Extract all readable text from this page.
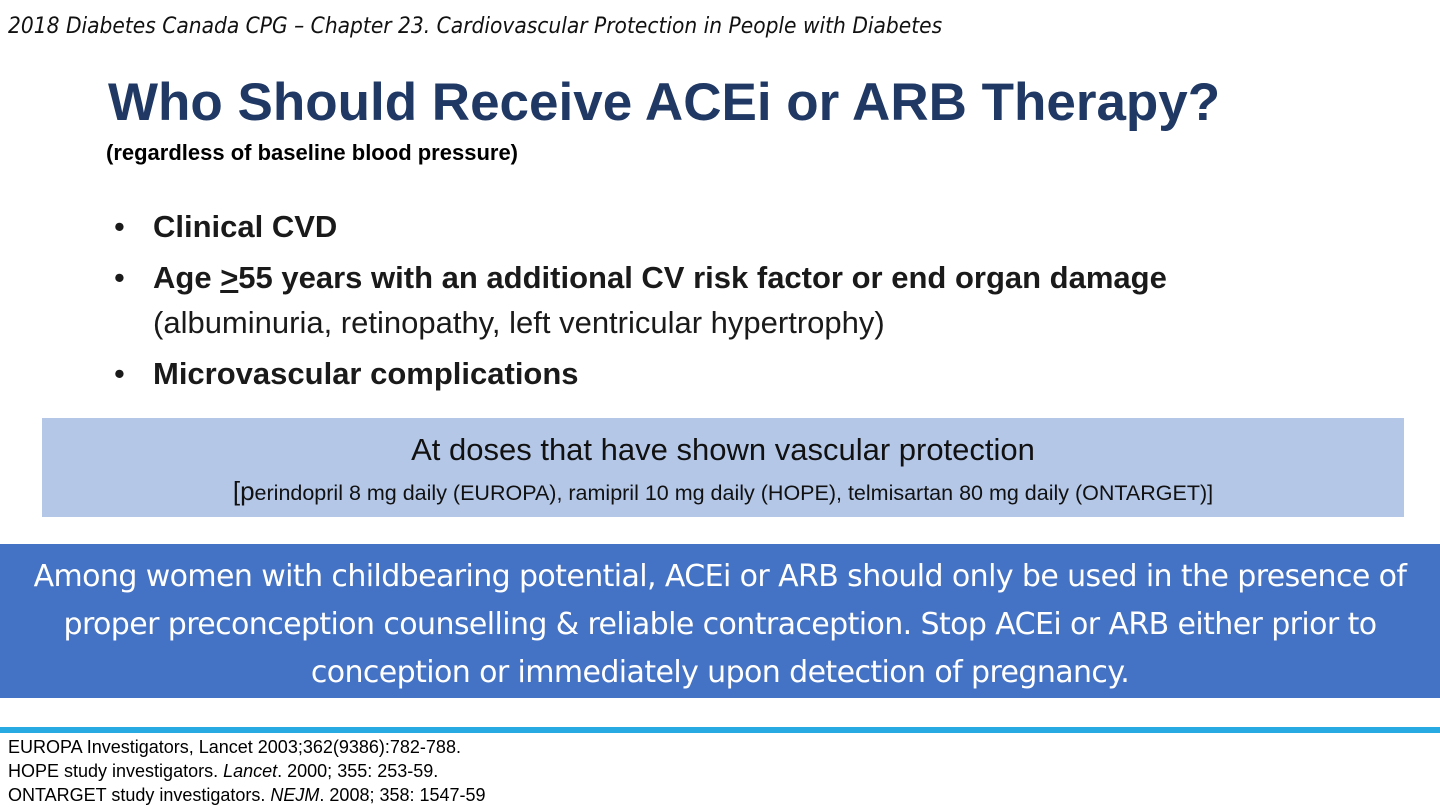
2018 Diabetes Canada CPG – Chapter 23. Cardiovascular Protection in People with Diabetes
Who Should Receive ACEi or ARB Therapy?
(regardless of baseline blood pressure)
• Clinical CVD
• Age ≥55 years with an additional CV risk factor or end organ damage (albuminuria, retinopathy, left ventricular hypertrophy)
• Microvascular complications
At doses that have shown vascular protection
[perindopril 8 mg daily (EUROPA), ramipril 10 mg daily (HOPE), telmisartan 80 mg daily (ONTARGET)]

Among women with childbearing potential, ACEi or ARB should only be used in the presence of proper preconception counselling & reliable contraception. Stop ACEi or ARB either prior to conception or immediately upon detection of pregnancy.

EUROPA Investigators, Lancet 2003;362(9386):782-788.
HOPE study investigators. Lancet. 2000; 355: 253-59.
ONTARGET study investigators. NEJM. 2008; 358: 1547-59
